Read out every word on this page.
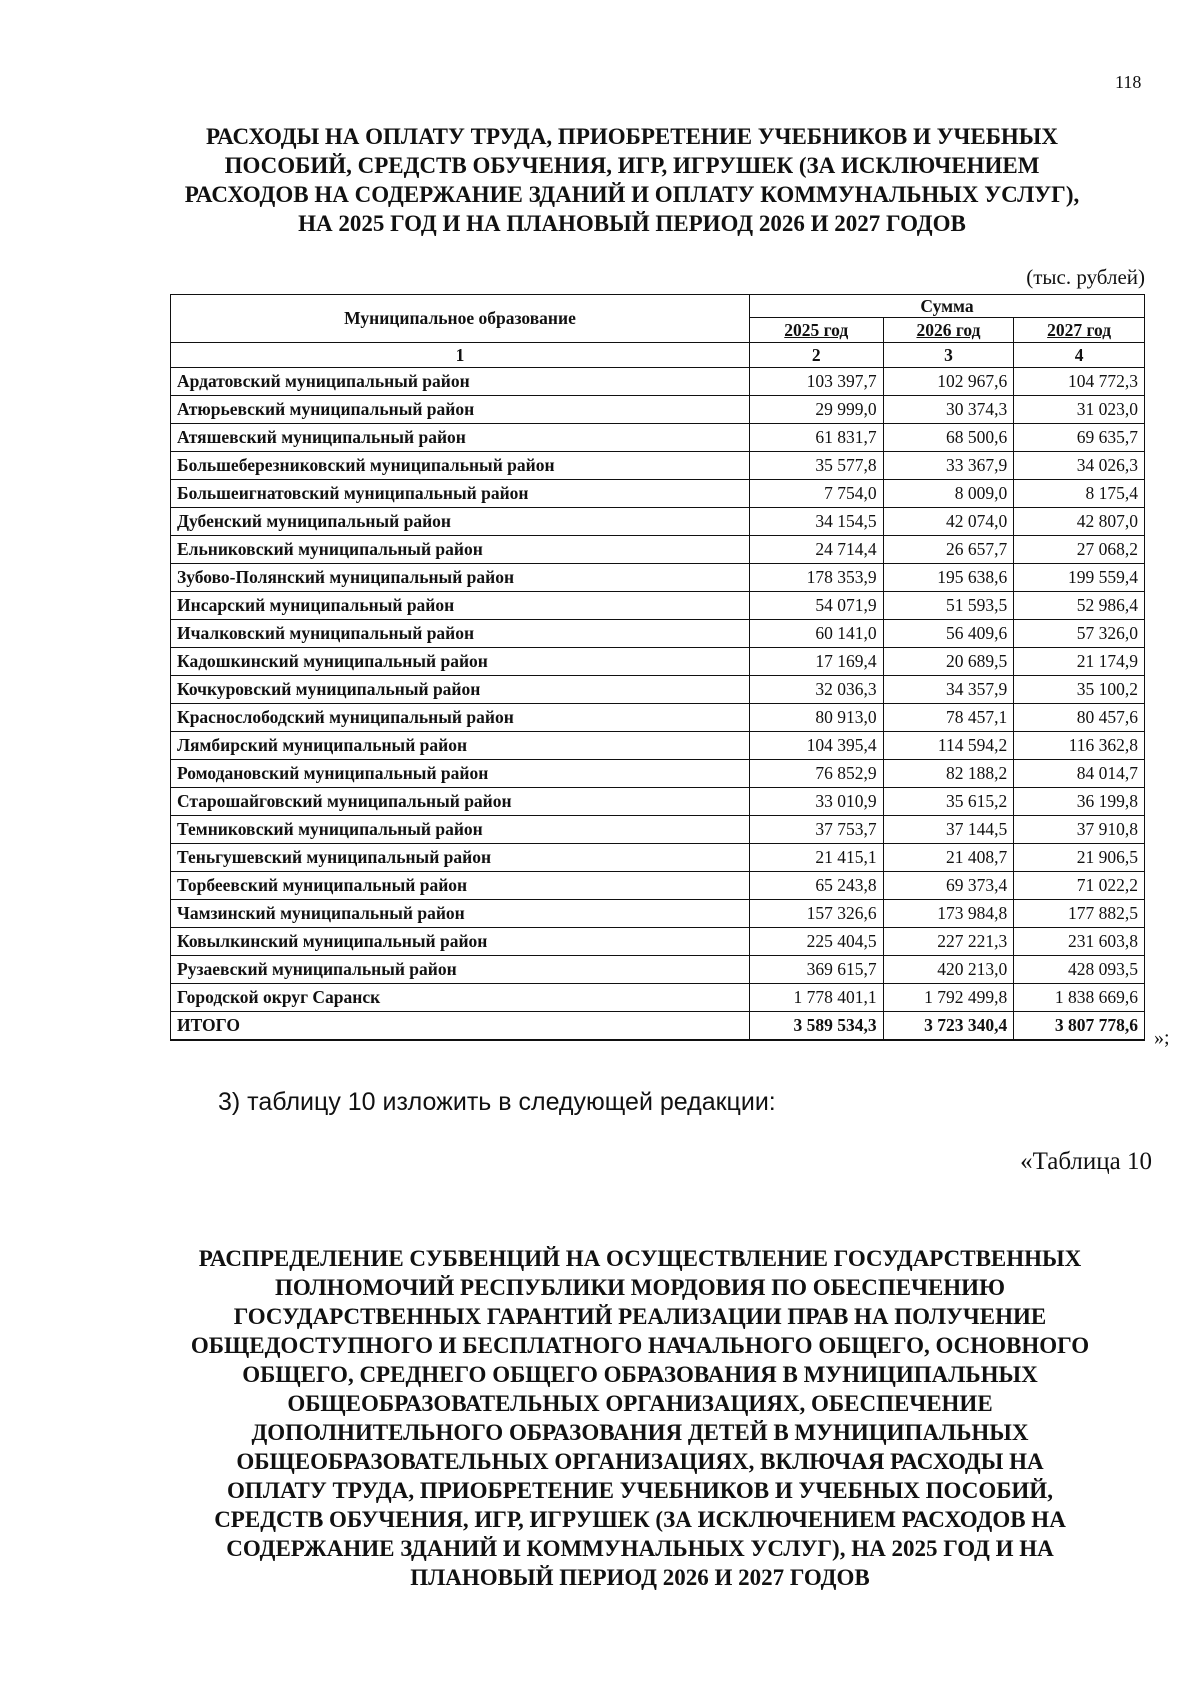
118
РАСХОДЫ НА ОПЛАТУ ТРУДА, ПРИОБРЕТЕНИЕ УЧЕБНИКОВ И УЧЕБНЫХ
ПОСОБИЙ, СРЕДСТВ ОБУЧЕНИЯ, ИГР, ИГРУШЕК (ЗА ИСКЛЮЧЕНИЕМ
РАСХОДОВ НА СОДЕРЖАНИЕ ЗДАНИЙ И ОПЛАТУ КОММУНАЛЬНЫХ УСЛУГ),
НА 2025 ГОД И НА ПЛАНОВЫЙ ПЕРИОД 2026 И 2027 ГОДОВ
(тыс. рублей)
Муниципальное образование	Сумма		
	2025 год	2026 год	2027 год
1	2	3	4
Ардатовский муниципальный район	103 397,7	102 967,6	104 772,3
Атюрьевский муниципальный район	29 999,0	30 374,3	31 023,0
Атяшевский муниципальный район	61 831,7	68 500,6	69 635,7
Большеберезниковский муниципальный район	35 577,8	33 367,9	34 026,3
Большеигнатовский муниципальный район	7 754,0	8 009,0	8 175,4
Дубенский муниципальный район	34 154,5	42 074,0	42 807,0
Ельниковский муниципальный район	24 714,4	26 657,7	27 068,2
Зубово-Полянский муниципальный район	178 353,9	195 638,6	199 559,4
Инсарский муниципальный район	54 071,9	51 593,5	52 986,4
Ичалковский муниципальный район	60 141,0	56 409,6	57 326,0
Кадошкинский муниципальный район	17 169,4	20 689,5	21 174,9
Кочкуровский муниципальный район	32 036,3	34 357,9	35 100,2
Краснослободский муниципальный район	80 913,0	78 457,1	80 457,6
Лямбирский муниципальный район	104 395,4	114 594,2	116 362,8
Ромодановский муниципальный район	76 852,9	82 188,2	84 014,7
Старошайговский муниципальный район	33 010,9	35 615,2	36 199,8
Темниковский муниципальный район	37 753,7	37 144,5	37 910,8
Теньгушевский муниципальный район	21 415,1	21 408,7	21 906,5
Торбеевский муниципальный район	65 243,8	69 373,4	71 022,2
Чамзинский муниципальный район	157 326,6	173 984,8	177 882,5
Ковылкинский муниципальный район	225 404,5	227 221,3	231 603,8
Рузаевский муниципальный район	369 615,7	420 213,0	428 093,5
Городской округ Саранск	1 778 401,1	1 792 499,8	1 838 669,6
ИТОГО	3 589 534,3	3 723 340,4	3 807 778,6
»;
3) таблицу 10 изложить в следующей редакции:
«Таблица 10
РАСПРЕДЕЛЕНИЕ СУБВЕНЦИЙ НА ОСУЩЕСТВЛЕНИЕ ГОСУДАРСТВЕННЫХ
ПОЛНОМОЧИЙ РЕСПУБЛИКИ МОРДОВИЯ ПО ОБЕСПЕЧЕНИЮ
ГОСУДАРСТВЕННЫХ ГАРАНТИЙ РЕАЛИЗАЦИИ ПРАВ НА ПОЛУЧЕНИЕ
ОБЩЕДОСТУПНОГО И БЕСПЛАТНОГО НАЧАЛЬНОГО ОБЩЕГО, ОСНОВНОГО
ОБЩЕГО, СРЕДНЕГО ОБЩЕГО ОБРАЗОВАНИЯ В МУНИЦИПАЛЬНЫХ
ОБЩЕОБРАЗОВАТЕЛЬНЫХ ОРГАНИЗАЦИЯХ, ОБЕСПЕЧЕНИЕ
ДОПОЛНИТЕЛЬНОГО ОБРАЗОВАНИЯ ДЕТЕЙ В МУНИЦИПАЛЬНЫХ
ОБЩЕОБРАЗОВАТЕЛЬНЫХ ОРГАНИЗАЦИЯХ, ВКЛЮЧАЯ РАСХОДЫ НА
ОПЛАТУ ТРУДА, ПРИОБРЕТЕНИЕ УЧЕБНИКОВ И УЧЕБНЫХ ПОСОБИЙ,
СРЕДСТВ ОБУЧЕНИЯ, ИГР, ИГРУШЕК (ЗА ИСКЛЮЧЕНИЕМ РАСХОДОВ НА
СОДЕРЖАНИЕ ЗДАНИЙ И КОММУНАЛЬНЫХ УСЛУГ), НА 2025 ГОД И НА
ПЛАНОВЫЙ ПЕРИОД 2026 И 2027 ГОДОВ
